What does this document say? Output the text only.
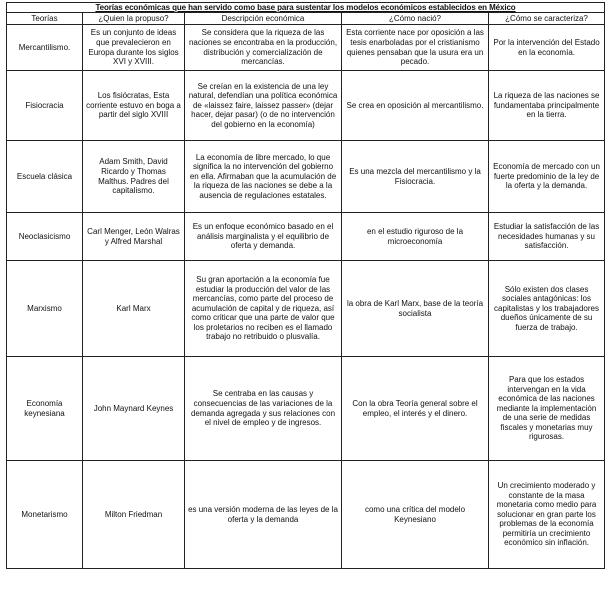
Teorías económicas que han servido como base para sustentar los modelos económicos establecidos en México				
Teorías	¿Quien la propuso?	Descripción económica	¿Cómo nació?	¿Cómo se caracteriza?
Mercantilismo.	Es un conjunto de ideas que prevalecieron en Europa durante los siglos XVI y XVIII.	Se considera que la riqueza de las naciones se encontraba en la producción, distribución y comercialización de mercancías.	Esta corriente nace por oposición a las tesis enarboladas por el cristianismo quienes pensaban que la usura era un pecado.	Por la intervención del Estado en la economía.
Fisiocracia	Los fisiócratas, Esta corriente estuvo en boga a partir del siglo XVIII	Se creían en la existencia de una ley natural, defendían una política económica de «laissez faire, laissez passer» (dejar hacer, dejar pasar) (o de no intervención del gobierno en la economía)	Se crea en oposición al mercantilismo.	La riqueza de las naciones se fundamentaba principalmente en la tierra.
Escuela clásica	Adam Smith, David Ricardo y Thomas Malthus. Padres del capitalismo.	La economía de libre mercado, lo que significa la no intervención del gobierno en ella. Afirmaban que la acumulación de la riqueza de las naciones se debe a la ausencia de regulaciones estatales.	Es una mezcla del mercantilismo y la Fisiocracia.	Economía de mercado con un fuerte predominio de la ley de la oferta y la demanda.
Neoclasicismo	Carl Menger, León Walras y Alfred Marshal	Es un enfoque económico basado en el análisis marginalista y el equilibrio de oferta y demanda.	en el estudio riguroso de la microeconomía	Estudiar la satisfacción de las necesidades humanas y su satisfacción.
Marxismo	Karl Marx	Su gran aportación a la economía fue estudiar la producción del valor de las mercancías, como parte del proceso de acumulación de capital y de riqueza, así como criticar que una parte de valor que los proletarios no reciben es el llamado trabajo no retribuido o plusvalía.	la obra de Karl Marx, base de la teoría socialista	Sólo existen dos clases sociales antagónicas: los capitalistas y los trabajadores dueños únicamente de su fuerza de trabajo.
Economía keynesiana	John Maynard Keynes	Se centraba en las causas y consecuencias de las variaciones de la demanda agregada y sus relaciones con el nivel de empleo y de ingresos.	Con la obra Teoría general sobre el empleo, el interés y el dinero.	Para que los estados intervengan en la vida económica de las naciones mediante la implementación de una serie de medidas fiscales y monetarias muy rigurosas.
Monetarismo	Milton Friedman	es una versión moderna de las leyes de la oferta y la demanda	como una crítica del modelo Keynesiano	Un crecimiento moderado y constante de la masa monetaria como medio para solucionar en gran parte los problemas de la economía permitiría un crecimiento económico sin inflación.
